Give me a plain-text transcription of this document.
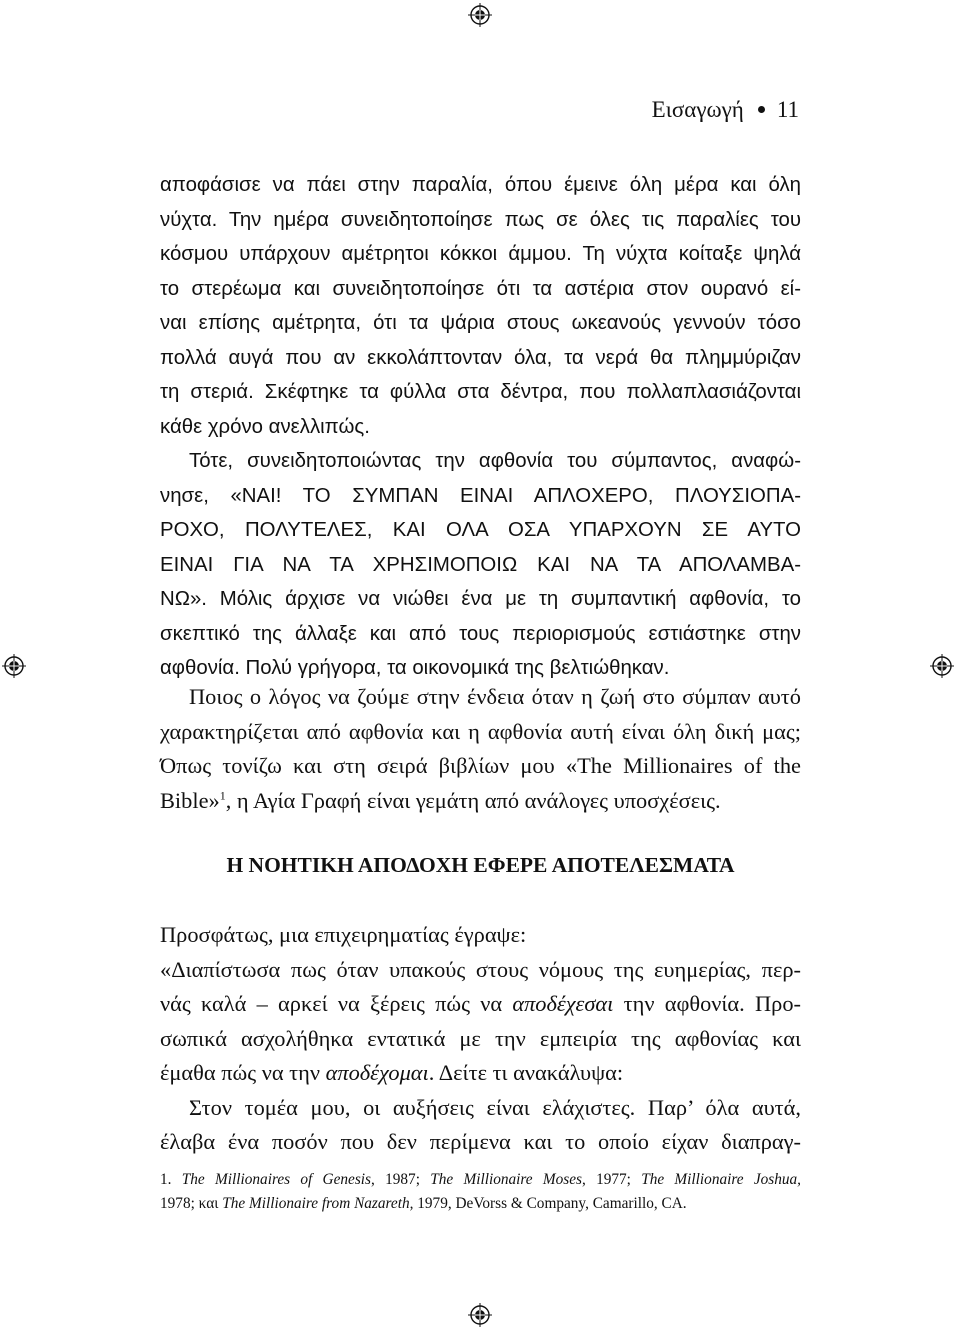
Εισαγωγή 11
αποφάσισε να πάει στην παραλία, όπου έμεινε όλη μέρα και όλη
νύχτα. Την ημέρα συνειδητοποίησε πως σε όλες τις παραλίες του
κόσμου υπάρχουν αμέτρητοι κόκκοι άμμου. Τη νύχτα κοίταξε ψηλά
το στερέωμα και συνειδητοποίησε ότι τα αστέρια στον ουρανό εί-
ναι επίσης αμέτρητα, ότι τα ψάρια στους ωκεανούς γεννούν τόσο
πολλά αυγά που αν εκκολάπτονταν όλα, τα νερά θα πλημμύριζαν
τη στεριά. Σκέφτηκε τα φύλλα στα δέντρα, που πολλαπλασιάζονται
κάθε χρόνο ανελλιπώς.
Τότε, συνειδητοποιώντας την αφθονία του σύμπαντος, αναφώ-
νησε, «ΝΑΙ! ΤΟ ΣΥΜΠΑΝ ΕΙΝΑΙ ΑΠΛΟΧΕΡΟ, ΠΛΟΥΣΙΟΠΑ-
ΡΟΧΟ, ΠΟΛΥΤΕΛΕΣ, ΚΑΙ ΟΛΑ ΟΣΑ ΥΠΑΡΧΟΥΝ ΣΕ ΑΥΤΟ
ΕΙΝΑΙ ΓΙΑ ΝΑ ΤΑ ΧΡΗΣΙΜΟΠΟΙΩ ΚΑΙ ΝΑ ΤΑ ΑΠΟΛΑΜΒΑ-
ΝΩ». Μόλις άρχισε να νιώθει ένα με τη συμπαντική αφθονία, το
σκεπτικό της άλλαξε και από τους περιορισμούς εστιάστηκε στην
αφθονία. Πολύ γρήγορα, τα οικονομικά της βελτιώθηκαν.
Ποιος ο λόγος να ζούμε στην ένδεια όταν η ζωή στο σύμπαν αυτό
χαρακτηρίζεται από αφθονία και η αφθονία αυτή είναι όλη δική μας;
Όπως τονίζω και στη σειρά βιβλίων μου «The Millionaires of the
Bible»$^1$, η Αγία Γραφή είναι γεμάτη από ανάλογες υποσχέσεις.
Η ΝΟΗΤΙΚΗ ΑΠΟΔΟΧΗ ΕΦΕΡΕ ΑΠΟΤΕΛΕΣΜΑΤΑ
Προσφάτως, μια επιχειρηματίας έγραψε:
«Διαπίστωσα πως όταν υπακούς στους νόμους της ευημερίας, περ-
νάς καλά – αρκεί να ξέρεις πώς να αποδέχεσαι την αφθονία. Προ-
σωπικά ασχολήθηκα εντατικά με την εμπειρία της αφθονίας και
έμαθα πώς να την αποδέχομαι. Δείτε τι ανακάλυψα:
Στον τομέα μου, οι αυξήσεις είναι ελάχιστες. Παρ’ όλα αυτά,
έλαβα ένα ποσόν που δεν περίμενα και το οποίο είχαν διαπραγ-
1. The Millionaires of Genesis, 1987; The Millionaire Moses, 1977; The Millionaire Joshua,
1978; και The Millionaire from Nazareth, 1979, DeVorss & Company, Camarillo, CA.
